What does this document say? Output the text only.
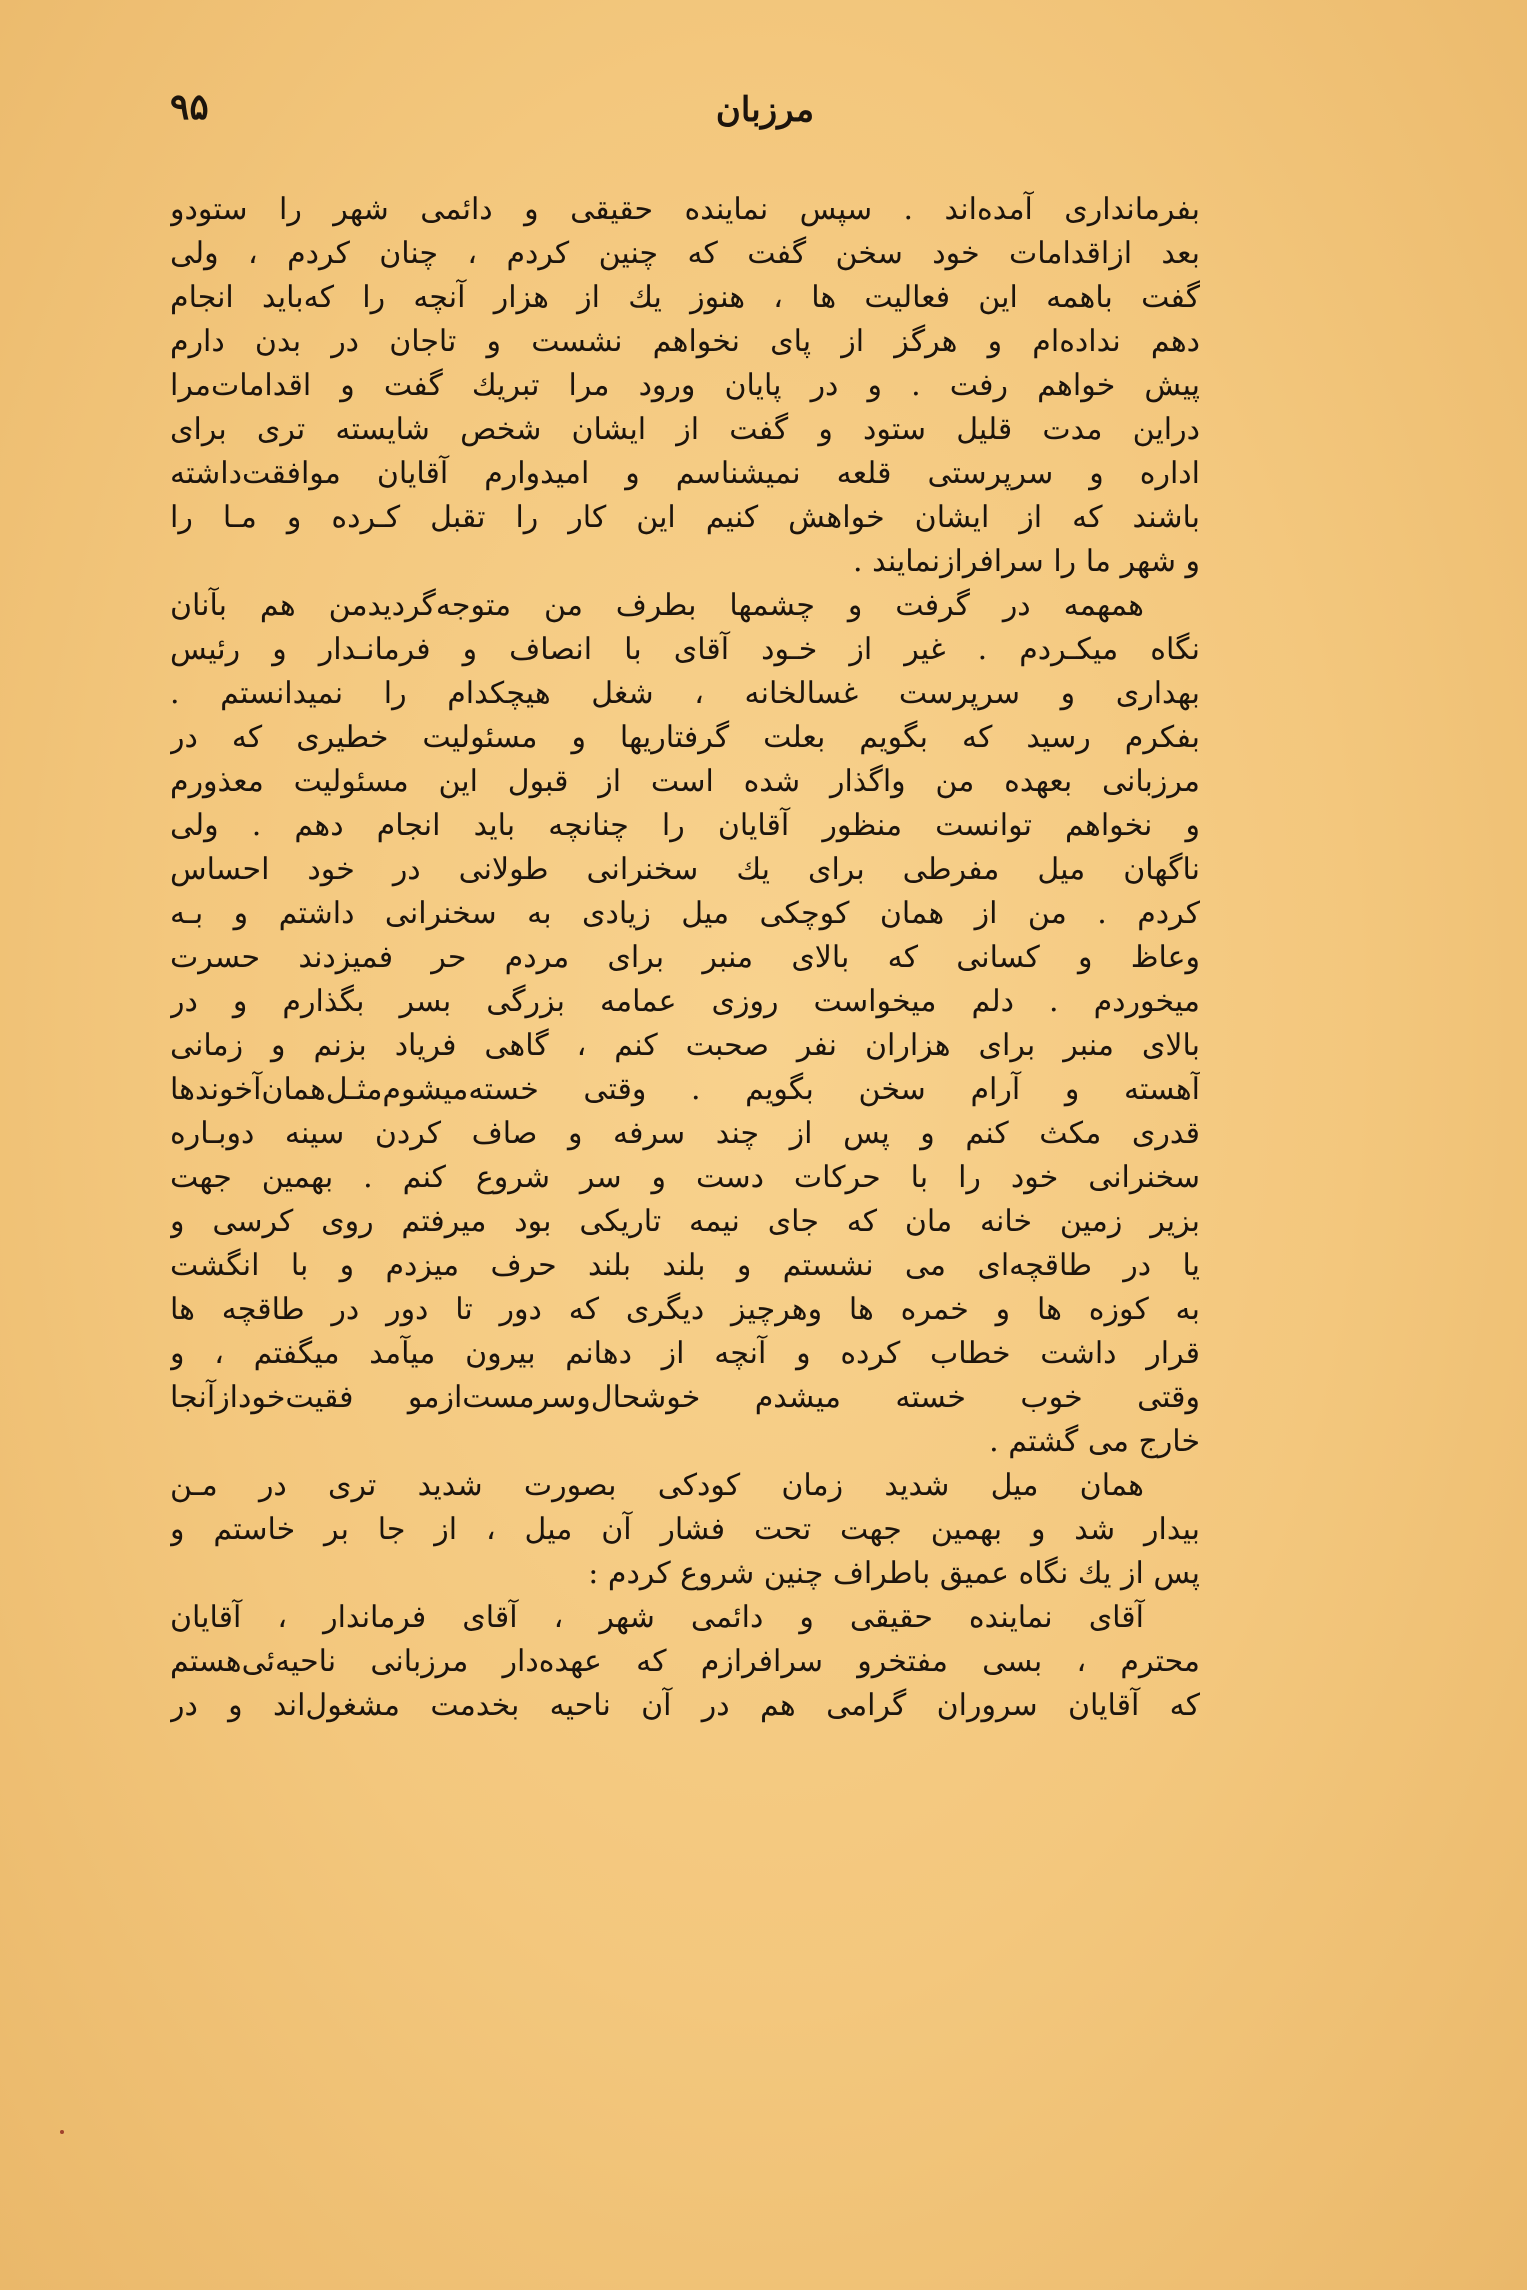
مرزبان
۹۵
بفرمانداری آمده‌اند . سپس نماینده حقیقی و دائمی شهر را ستودو
بعد ازاقدامات خود سخن گفت که چنین کردم ، چنان کردم ، ولی
گفت باهمه این فعالیت ها ، هنوز یك از هزار آنچه را که‌باید انجام
دهم نداده‌ام و هرگز از پای نخواهم نشست و تاجان در بدن دارم
پیش خواهم رفت . و در پایان ورود مرا تبریك گفت و اقدامات‌مرا
دراین مدت قلیل ستود و گفت از ایشان شخص شایسته تری برای
اداره و سرپرستی قلعه نمیشناسم و امیدوارم آقایان موافقت‌داشته
باشند که از ایشان خواهش کنیم این کار را تقبل کـرده و مـا را
و شهر ما را سرافرازنمایند .
همهمه در گرفت و چشمها بطرف من متوجه‌گردیدمن هم بآنان
نگاه میکـردم . غیر از خـود آقای با انصاف و فرمانـدار و رئیس
بهداری و سرپرست غسالخانه ، شغل هیچکدام را نمیدانستم .
بفکرم رسید که بگویم بعلت گرفتاریها و مسئولیت خطیری که در
مرزبانی بعهده من واگذار شده است از قبول این مسئولیت معذورم
و نخواهم توانست منظور آقایان را چنانچه باید انجام دهم . ولی
ناگهان میل مفرطی برای یك سخنرانی طولانی در خود احساس
کردم . من از همان کوچکی میل زیادی به سخنرانی داشتم و بـه
وعاظ و کسانی که بالای منبر برای مردم حر فمیزدند حسرت
میخوردم . دلم میخواست روزی عمامه بزرگی بسر بگذارم و در
بالای منبر برای هزاران نفر صحبت کنم ، گاهی فریاد بزنم و زمانی
آهسته و آرام سخن بگویم . وقتی خسته‌میشوم‌مثـل‌همان‌آخوندها
قدری مکث کنم و پس از چند سرفه و صاف کردن سینه دوبـاره
سخنرانی خود را با حرکات دست و سر شروع کنم . بهمین جهت
بزیر زمین خانه مان که جای نیمه تاریکی بود میرفتم روی کرسی و
یا در طاقچه‌ای می نشستم و بلند بلند حرف میزدم و با انگشت
به کوزه ها و خمره ها وهرچیز دیگری که دور تا دور در طاقچه ها
قرار داشت خطاب کرده و آنچه از دهانم بیرون میآمد میگفتم ، و
وقتی خوب خسته میشدم خوشحال‌وسرمست‌ازمو فقیت‌خوداز‌آنجا
خارج می گشتم .
همان میل شدید زمان کودکی بصورت شدید تری در مـن
بیدار شد و بهمین جهت تحت فشار آن میل ، از جا بر خاستم و
پس از یك نگاه عمیق باطراف چنین شروع کردم :
آقای نماینده حقیقی و دائمی شهر ، آقای فرماندار ، آقایان
محترم ، بسی مفتخرو سرافرازم که عهده‌دار مرزبانی ناحیه‌ئی‌هستم
که آقایان سروران گرامی هم در آن ناحیه بخدمت مشغول‌اند و در
